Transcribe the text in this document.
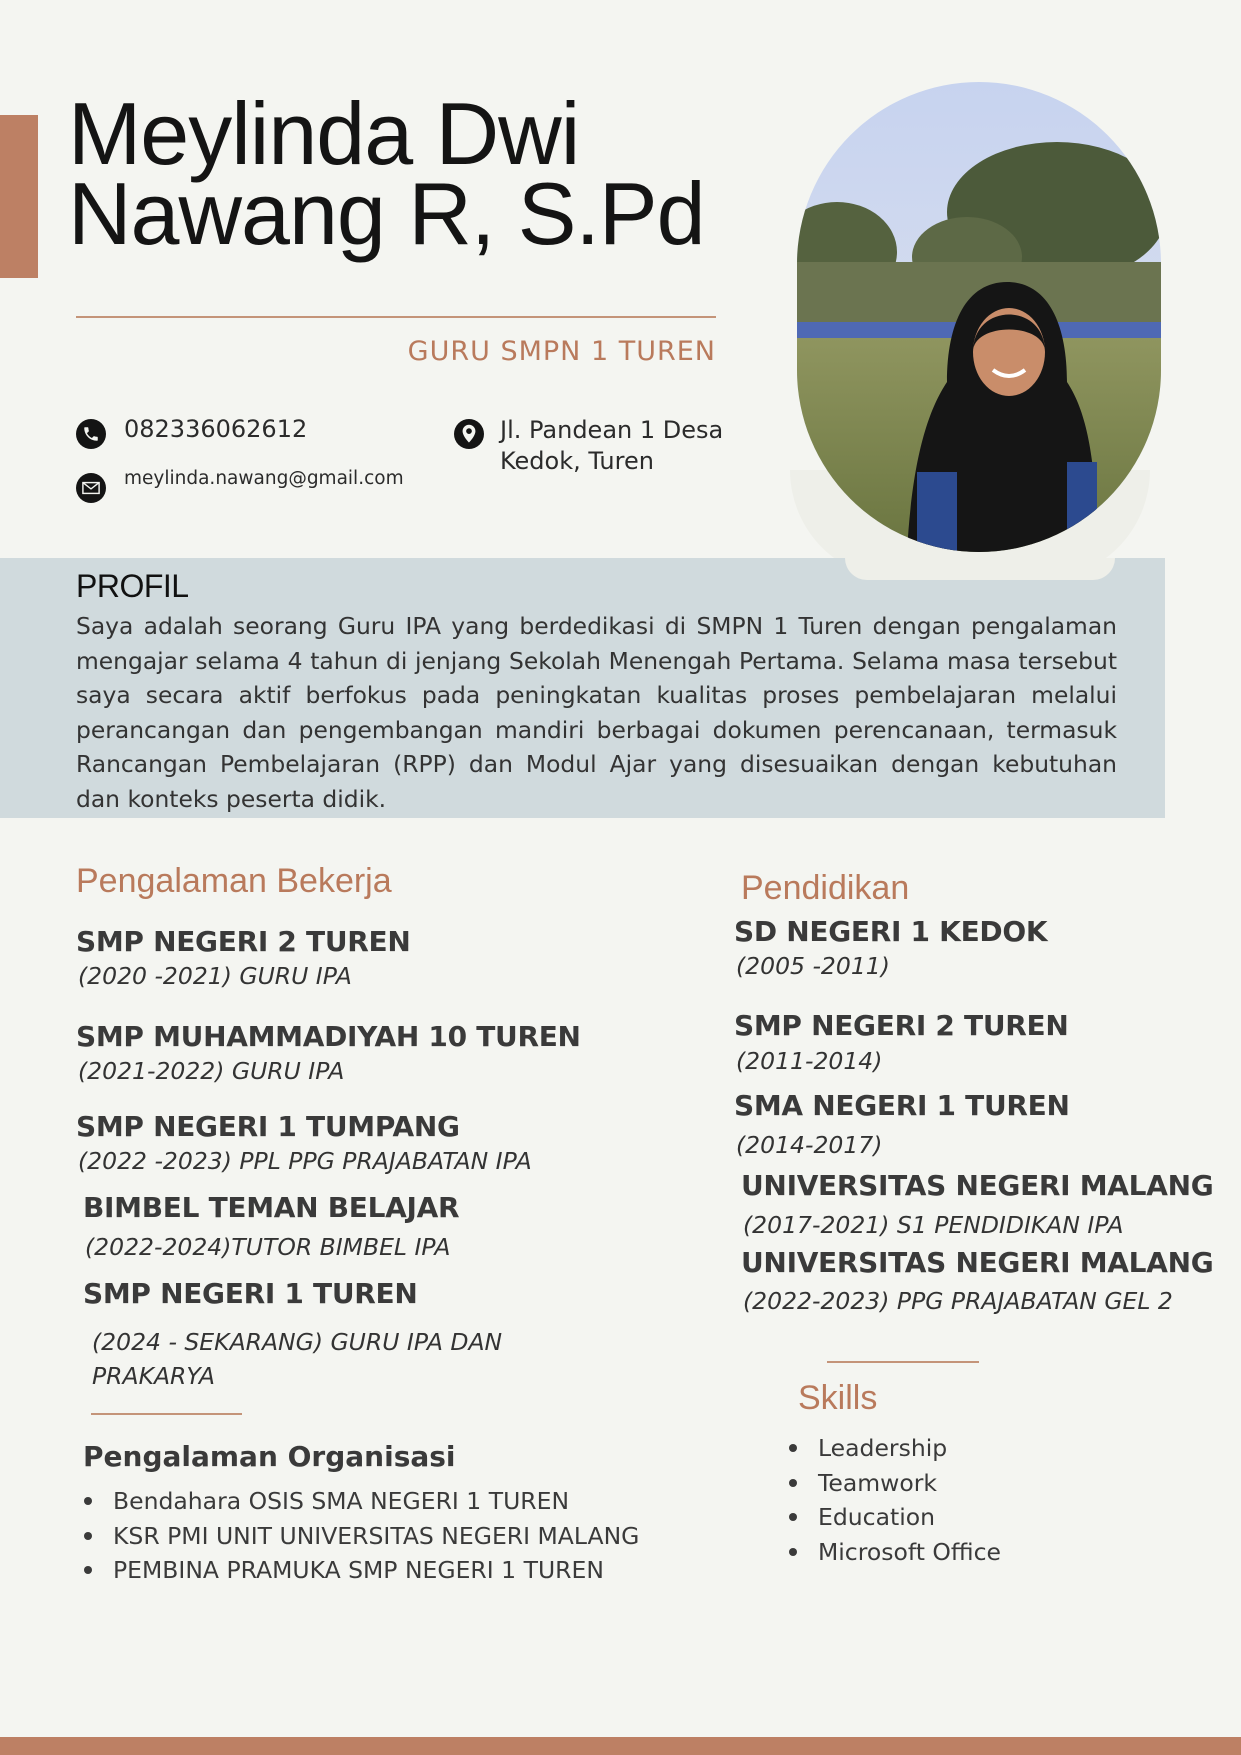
Meylinda Dwi
Nawang R, S.Pd
GURU SMPN 1 TUREN
082336062612
meylinda.nawang@gmail.com
Jl. Pandean 1 Desa
Kedok, Turen
PROFIL
Saya adalah seorang Guru IPA yang berdedikasi di SMPN 1 Turen dengan pengalaman mengajar selama 4 tahun di jenjang Sekolah Menengah Pertama. Selama masa tersebut saya secara aktif berfokus pada peningkatan kualitas proses pembelajaran melalui perancangan dan pengembangan mandiri berbagai dokumen perencanaan, termasuk Rancangan Pembelajaran (RPP) dan Modul Ajar yang disesuaikan dengan kebutuhan dan konteks peserta didik.
Pengalaman Bekerja
SMP NEGERI 2 TUREN
(2020 -2021) GURU IPA
SMP MUHAMMADIYAH 10 TUREN
(2021-2022) GURU IPA
SMP NEGERI 1 TUMPANG
(2022 -2023) PPL PPG PRAJABATAN IPA
BIMBEL TEMAN BELAJAR
(2022-2024)TUTOR BIMBEL IPA
SMP NEGERI 1 TUREN
(2024 - SEKARANG) GURU IPA DAN
PRAKARYA
Pengalaman Organisasi
Bendahara OSIS SMA NEGERI 1 TUREN
KSR PMI UNIT UNIVERSITAS NEGERI MALANG
PEMBINA PRAMUKA SMP NEGERI 1 TUREN
Pendidikan
SD NEGERI 1 KEDOK
(2005 -2011)
SMP NEGERI 2 TUREN
(2011-2014)
SMA NEGERI 1 TUREN
(2014-2017)
UNIVERSITAS NEGERI MALANG
(2017-2021) S1 PENDIDIKAN IPA
UNIVERSITAS NEGERI MALANG
(2022-2023) PPG PRAJABATAN GEL 2
Skills
Leadership
Teamwork
Education
Microsoft Office
